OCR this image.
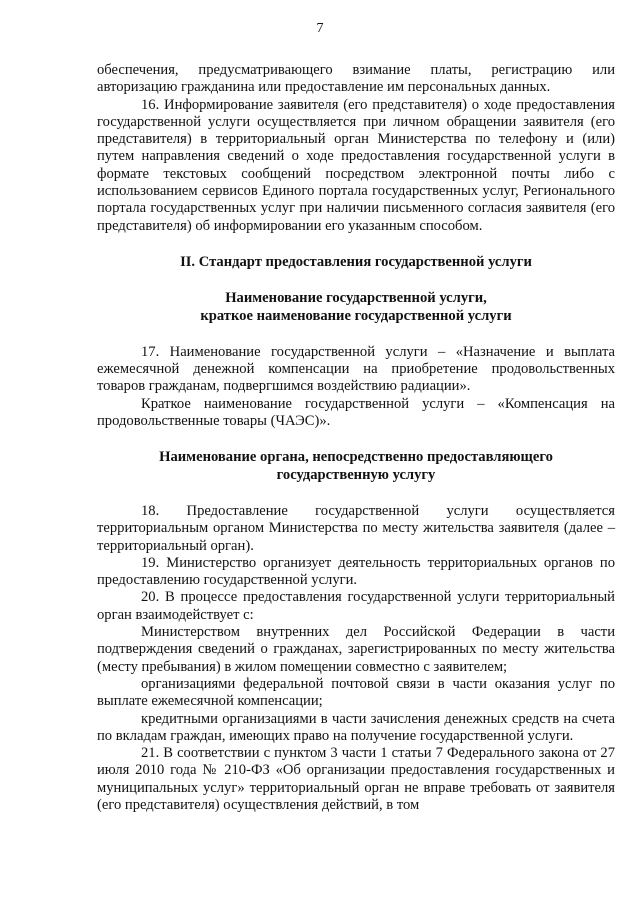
7

обеспечения, предусматривающего взимание платы, регистрацию или авторизацию гражданина или предоставление им персональных данных.

16. Информирование заявителя (его представителя) о ходе предоставления государственной услуги осуществляется при личном обращении заявителя (его представителя) в территориальный орган Министерства по телефону и (или) путем направления сведений о ходе предоставления государственной услуги в формате текстовых сообщений посредством электронной почты либо с использованием сервисов Единого портала государственных услуг, Регионального портала государственных услуг при наличии письменного согласия заявителя (его представителя) об информировании его указанным способом.

II. Стандарт предоставления государственной услуги
Наименование государственной услуги,
краткое наименование государственной услуги

17. Наименование государственной услуги – «Назначение и выплата ежемесячной денежной компенсации на приобретение продовольственных товаров гражданам, подвергшимся воздействию радиации».

Краткое наименование государственной услуги – «Компенсация на продовольственные товары (ЧАЭС)».

Наименование органа, непосредственно предоставляющего
государственную услугу

18. Предоставление государственной услуги осуществляется территориальным органом Министерства по месту жительства заявителя (далее – территориальный орган).

19. Министерство организует деятельность территориальных органов по предоставлению государственной услуги.

20. В процессе предоставления государственной услуги территориальный орган взаимодействует с:

Министерством внутренних дел Российской Федерации в части подтверждения сведений о гражданах, зарегистрированных по месту жительства (месту пребывания) в жилом помещении совместно с заявителем;

организациями федеральной почтовой связи в части оказания услуг по выплате ежемесячной компенсации;

кредитными организациями в части зачисления денежных средств на счета по вкладам граждан, имеющих право на получение государственной услуги.

21. В соответствии с пунктом 3 части 1 статьи 7 Федерального закона от 27 июля 2010 года № 210-ФЗ «Об организации предоставления государственных и муниципальных услуг» территориальный орган не вправе требовать от заявителя (его представителя) осуществления действий, в том
